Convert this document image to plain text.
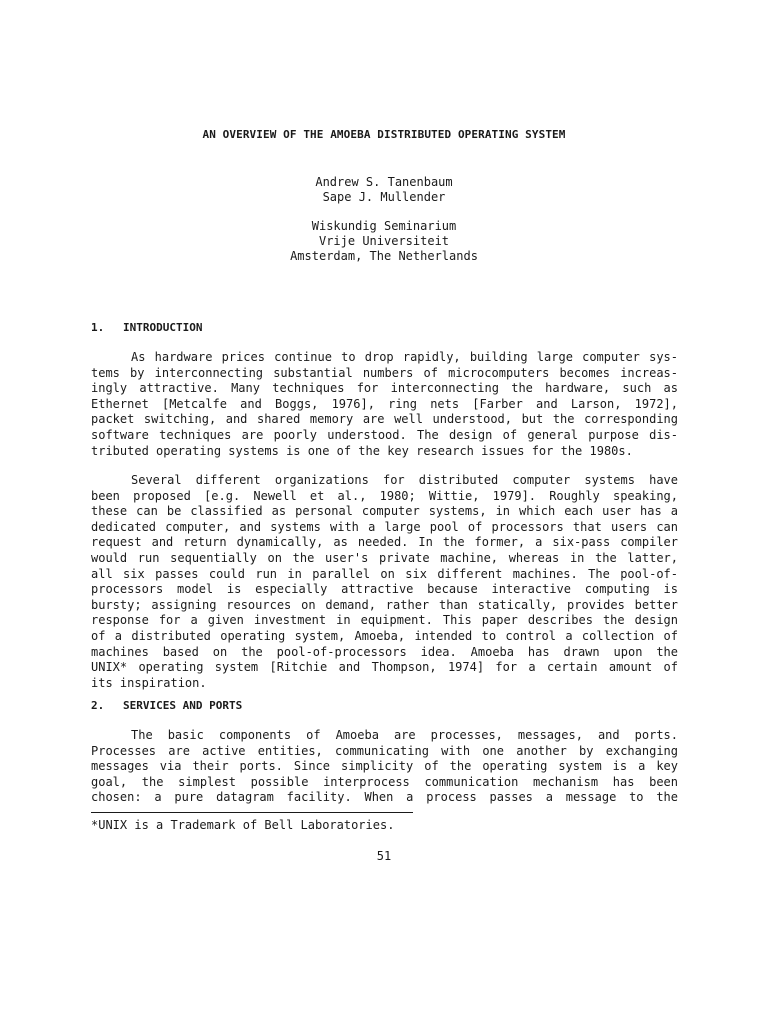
AN OVERVIEW OF THE AMOEBA DISTRIBUTED OPERATING SYSTEM
Andrew S. Tanenbaum
Sape J. Mullender
Wiskundig Seminarium
Vrije Universiteit
Amsterdam, The Netherlands
1. INTRODUCTION
As hardware prices continue to drop rapidly, building large computer sys-
tems by interconnecting substantial numbers of microcomputers becomes increas-
ingly attractive. Many techniques for interconnecting the hardware, such as
Ethernet [Metcalfe and Boggs, 1976], ring nets [Farber and Larson, 1972],
packet switching, and shared memory are well understood, but the corresponding
software techniques are poorly understood. The design of general purpose dis-
tributed operating systems is one of the key research issues for the 1980s.
Several different organizations for distributed computer systems have
been proposed [e.g. Newell et al., 1980; Wittie, 1979]. Roughly speaking,
these can be classified as personal computer systems, in which each user has a
dedicated computer, and systems with a large pool of processors that users can
request and return dynamically, as needed. In the former, a six-pass compiler
would run sequentially on the user's private machine, whereas in the latter,
all six passes could run in parallel on six different machines. The pool-of-
processors model is especially attractive because interactive computing is
bursty; assigning resources on demand, rather than statically, provides better
response for a given investment in equipment. This paper describes the design
of a distributed operating system, Amoeba, intended to control a collection of
machines based on the pool-of-processors idea. Amoeba has drawn upon the
UNIX* operating system [Ritchie and Thompson, 1974] for a certain amount of
its inspiration.
2. SERVICES AND PORTS
The basic components of Amoeba are processes, messages, and ports.
Processes are active entities, communicating with one another by exchanging
messages via their ports. Since simplicity of the operating system is a key
goal, the simplest possible interprocess communication mechanism has been
chosen: a pure datagram facility. When a process passes a message to the
*UNIX is a Trademark of Bell Laboratories.
51
